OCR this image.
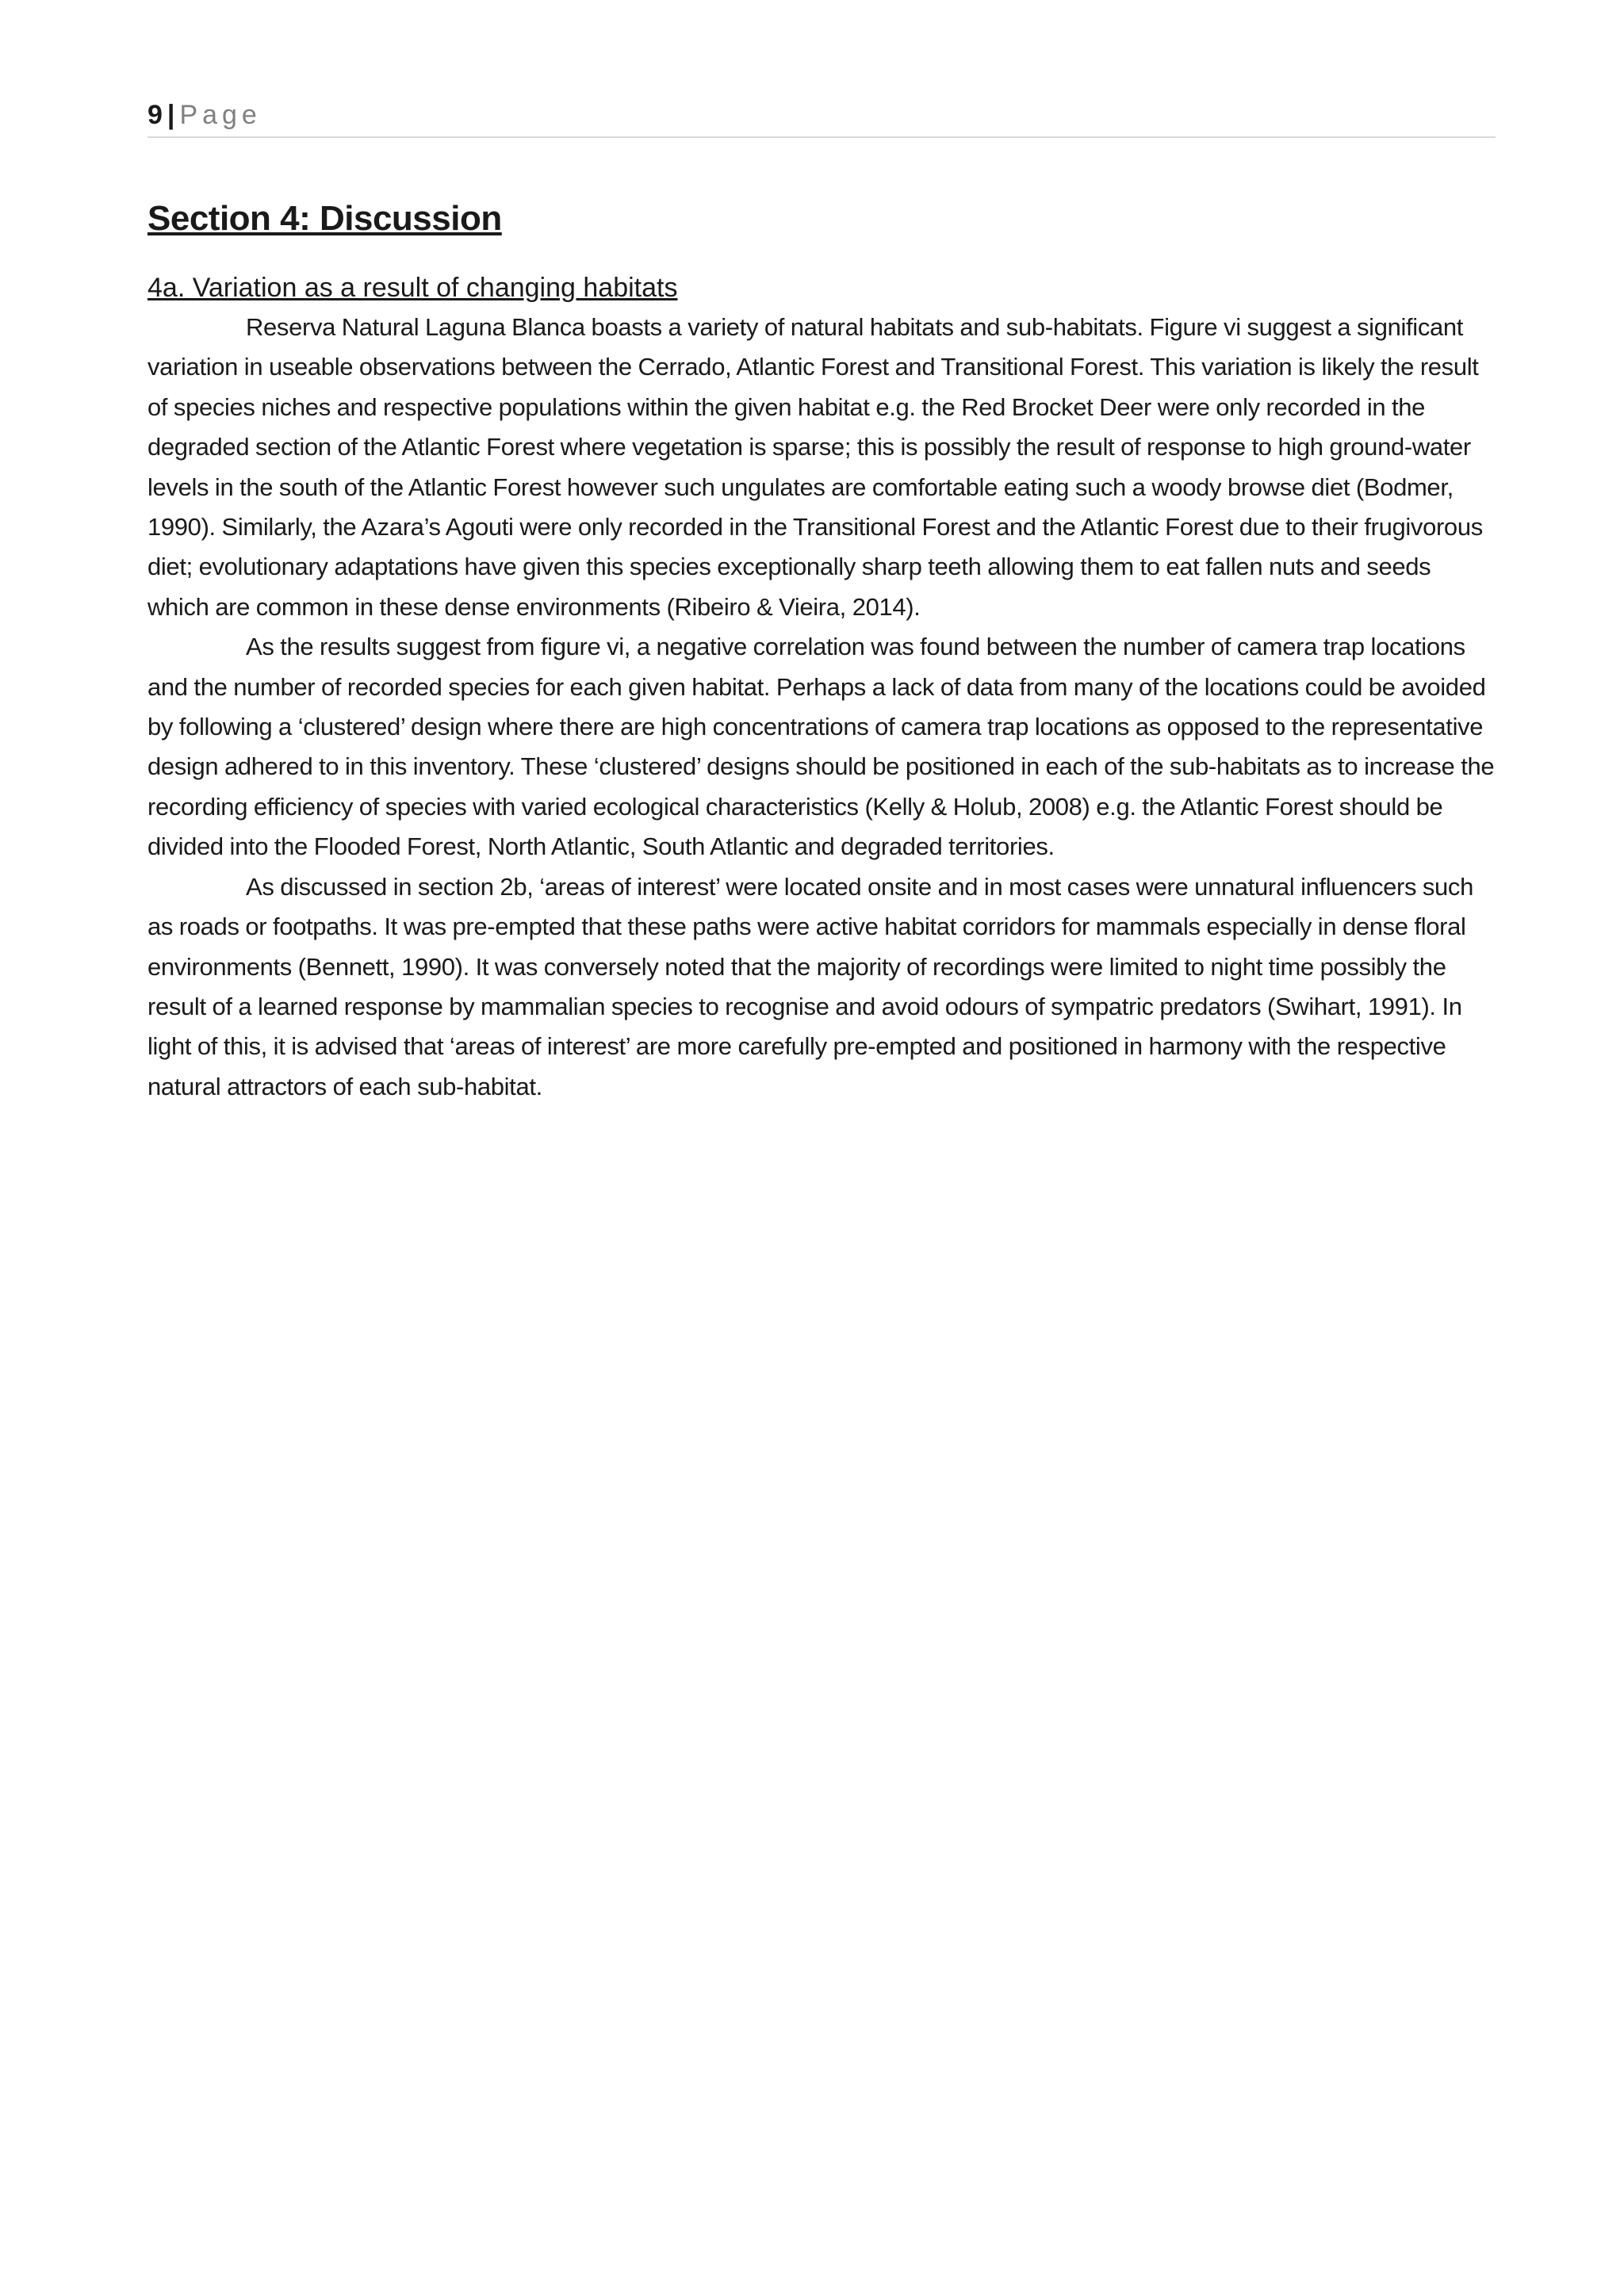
9 | Page
Section 4: Discussion
4a. Variation as a result of changing habitats

Reserva Natural Laguna Blanca boasts a variety of natural habitats and sub-habitats. Figure vi suggest a significant variation in useable observations between the Cerrado, Atlantic Forest and Transitional Forest. This variation is likely the result of species niches and respective populations within the given habitat e.g. the Red Brocket Deer were only recorded in the degraded section of the Atlantic Forest where vegetation is sparse; this is possibly the result of response to high ground-water levels in the south of the Atlantic Forest however such ungulates are comfortable eating such a woody browse diet (Bodmer, 1990). Similarly, the Azara’s Agouti were only recorded in the Transitional Forest and the Atlantic Forest due to their frugivorous diet; evolutionary adaptations have given this species exceptionally sharp teeth allowing them to eat fallen nuts and seeds which are common in these dense environments (Ribeiro & Vieira, 2014).

As the results suggest from figure vi, a negative correlation was found between the number of camera trap locations and the number of recorded species for each given habitat. Perhaps a lack of data from many of the locations could be avoided by following a ‘clustered’ design where there are high concentrations of camera trap locations as opposed to the representative design adhered to in this inventory. These ‘clustered’ designs should be positioned in each of the sub-habitats as to increase the recording efficiency of species with varied ecological characteristics (Kelly & Holub, 2008) e.g. the Atlantic Forest should be divided into the Flooded Forest, North Atlantic, South Atlantic and degraded territories.

As discussed in section 2b, ‘areas of interest’ were located onsite and in most cases were unnatural influencers such as roads or footpaths. It was pre-empted that these paths were active habitat corridors for mammals especially in dense floral environments (Bennett, 1990). It was conversely noted that the majority of recordings were limited to night time possibly the result of a learned response by mammalian species to recognise and avoid odours of sympatric predators (Swihart, 1991). In light of this, it is advised that ‘areas of interest’ are more carefully pre-empted and positioned in harmony with the respective natural attractors of each sub-habitat.
